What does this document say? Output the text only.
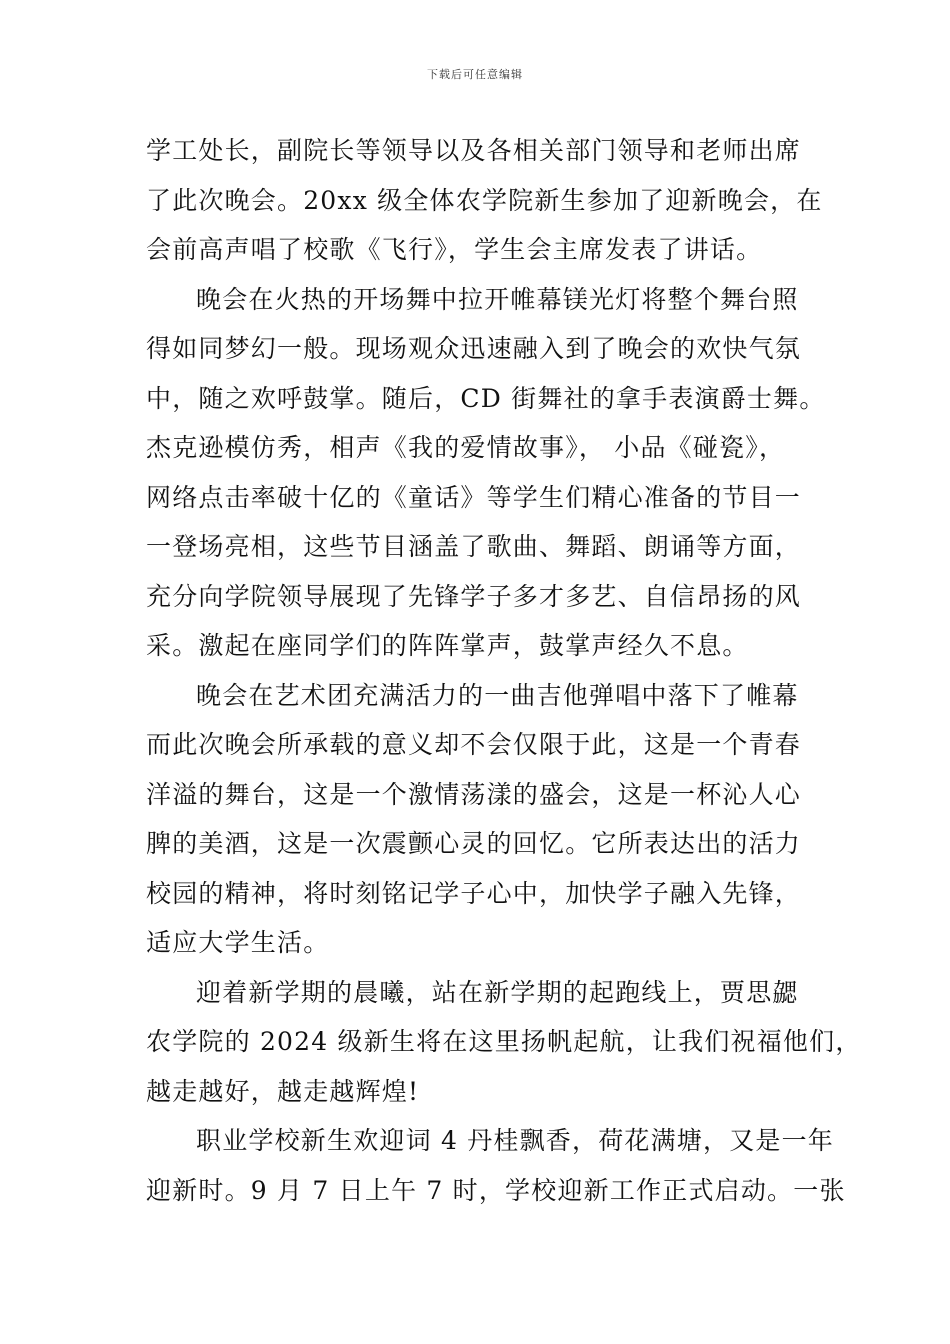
下载后可任意编辑
学工处长，副院长等领导以及各相关部门领导和老师出席
了此次晚会。20xx 级全体农学院新生参加了迎新晚会，在
会前高声唱了校歌《飞行》，学生会主席发表了讲话。
晚会在火热的开场舞中拉开帷幕镁光灯将整个舞台照
得如同梦幻一般。现场观众迅速融入到了晚会的欢快气氛
中，随之欢呼鼓掌。随后，CD 街舞社的拿手表演爵士舞。
杰克逊模仿秀，相声《我的爱情故事》， 小品《碰瓷》，
网络点击率破十亿的《童话》等学生们精心准备的节目一
一登场亮相，这些节目涵盖了歌曲、舞蹈、朗诵等方面，
充分向学院领导展现了先锋学子多才多艺、自信昂扬的风
采。激起在座同学们的阵阵掌声，鼓掌声经久不息。
晚会在艺术团充满活力的一曲吉他弹唱中落下了帷幕
而此次晚会所承载的意义却不会仅限于此，这是一个青春
洋溢的舞台，这是一个激情荡漾的盛会，这是一杯沁人心
脾的美酒，这是一次震颤心灵的回忆。它所表达出的活力
校园的精神，将时刻铭记学子心中，加快学子融入先锋，
适应大学生活。
迎着新学期的晨曦，站在新学期的起跑线上，贾思勰
农学院的 2024 级新生将在这里扬帆起航，让我们祝福他们，
越走越好，越走越辉煌!
职业学校新生欢迎词 4 丹桂飘香，荷花满塘，又是一年
迎新时。9 月 7 日上午 7 时，学校迎新工作正式启动。一张
